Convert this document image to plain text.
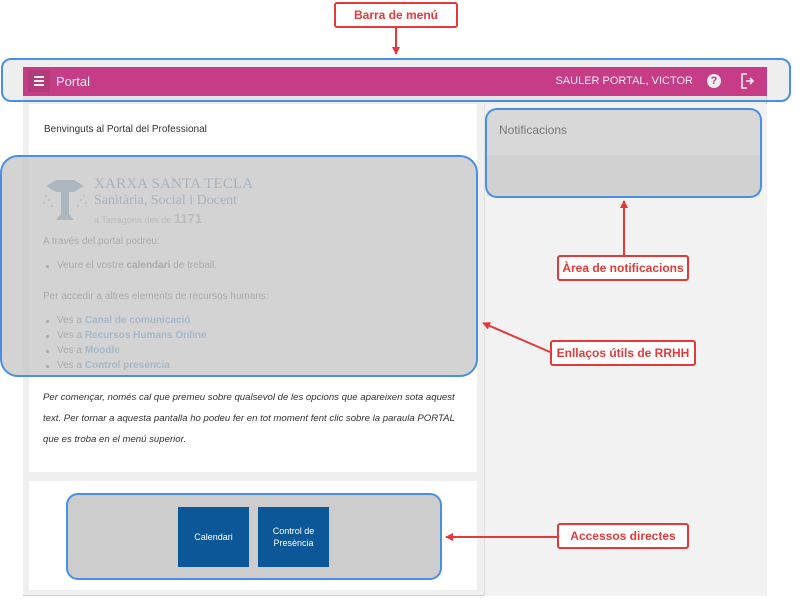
Portal	SAULER PORTAL, VICTOR	?
Benvinguts al Portal del Professional
Per començar, només cal que premeu sobre qualsevol de les opcions que apareixen sota aquest text. Per tornar a aquesta pantalla ho podeu fer en tot moment fent clic sobre la paraula PORTAL que es troba en el menú superior.
Notificacions
Calendari
Control de Presència
Barra de menú
Àrea de notificacions
Enllaços útils de RRHH
Accessos directes
